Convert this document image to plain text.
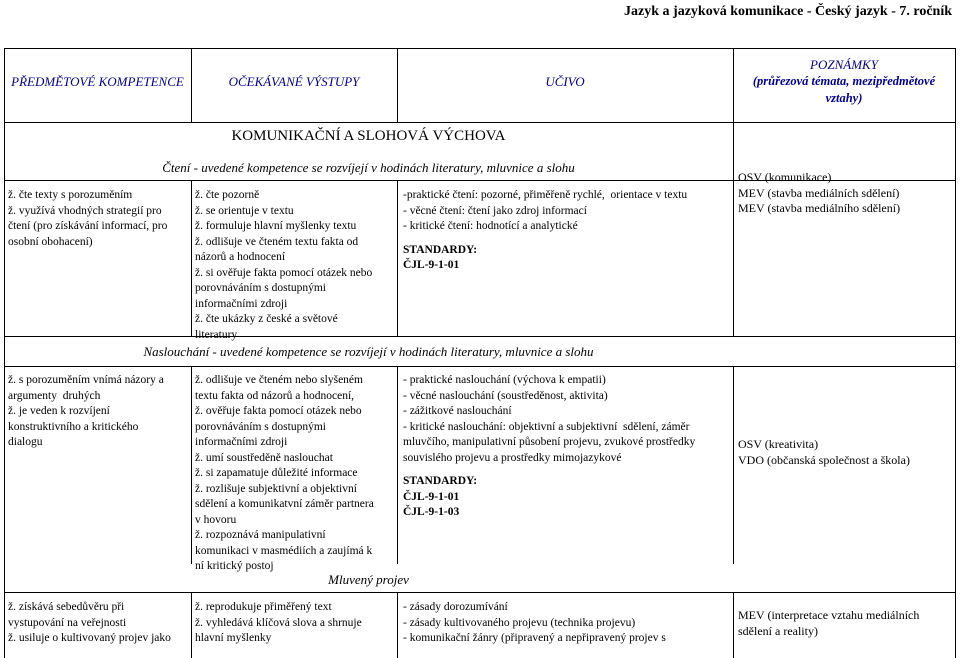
Jazyk a jazyková komunikace - Český jazyk - 7. ročník
PŘEDMĚTOVÉ KOMPETENCE	OČEKÁVANÉ VÝSTUPY	UČIVO
POZNÁMKY
(průřezová témata, mezipředmětové vztahy)
KOMUNIKAČNÍ A SLOHOVÁ VÝCHOVA
Čtení - uvedené kompetence se rozvíjejí v hodinách literatury, mluvnice a slohu
ž. čte texty s porozuměním
ž. využívá vhodných strategií pro
čtení (pro získávání informací, pro
osobní obohacení)
ž. čte pozorně
ž. se orientuje v textu
ž. formuluje hlavní myšlenky textu
ž. odlišuje ve čteném textu fakta od
názorů a hodnocení
ž. si ověřuje fakta pomocí otázek nebo
porovnáváním s dostupnými
informačními zdroji
ž. čte ukázky z české a světové
literatury
-praktické čtení: pozorné, přiměřeně rychlé,  orientace v textu
- věcné čtení: čtení jako zdroj informací
- kritické čtení: hodnotící a analytické
STANDARDY:
ČJL-9-1-01
OSV (komunikace)
MEV (stavba mediálních sdělení)
MEV (stavba mediálního sdělení)
Naslouchání - uvedené kompetence se rozvíjejí v hodinách literatury, mluvnice a slohu
ž. s porozuměním vnímá názory a
argumenty  druhých
ž. je veden k rozvíjení
konstruktivního a kritického
dialogu
ž. odlišuje ve čteném nebo slyšeném
textu fakta od názorů a hodnocení,
ž. ověřuje fakta pomocí otázek nebo
porovnáváním s dostupnými
informačními zdroji
ž. umí soustředěně naslouchat
ž. si zapamatuje důležité informace
ž. rozlišuje subjektivní a objektivní
sdělení a komunikatvní záměr partnera
v hovoru
ž. rozpoznává manipulativní
komunikaci v masmédiích a zaujímá k
ní kritický postoj
- praktické naslouchání (výchova k empatii)
- věcné naslouchání (soustředěnost, aktivita)
- zážitkové naslouchání
- kritické naslouchání: objektivní a subjektivní  sdělení, záměr
mluvčího, manipulativní působení projevu, zvukové prostředky
souvislého projevu a prostředky mimojazykové
STANDARDY:
ČJL-9-1-01
ČJL-9-1-03
OSV (kreativita)
VDO (občanská společnost a škola)
Mluvený projev
ž. získává sebedůvěru při
vystupování na veřejnosti
ž. usiluje o kultivovaný projev jako
ž. reprodukuje přiměřený text
ž. vyhledává klíčová slova a shrnuje
hlavní myšlenky
- zásady dorozumívání
- zásady kultivovaného projevu (technika projevu)
- komunikační žánry (připravený a nepřipravený projev s
MEV (interpretace vztahu mediálních
sdělení a reality)
